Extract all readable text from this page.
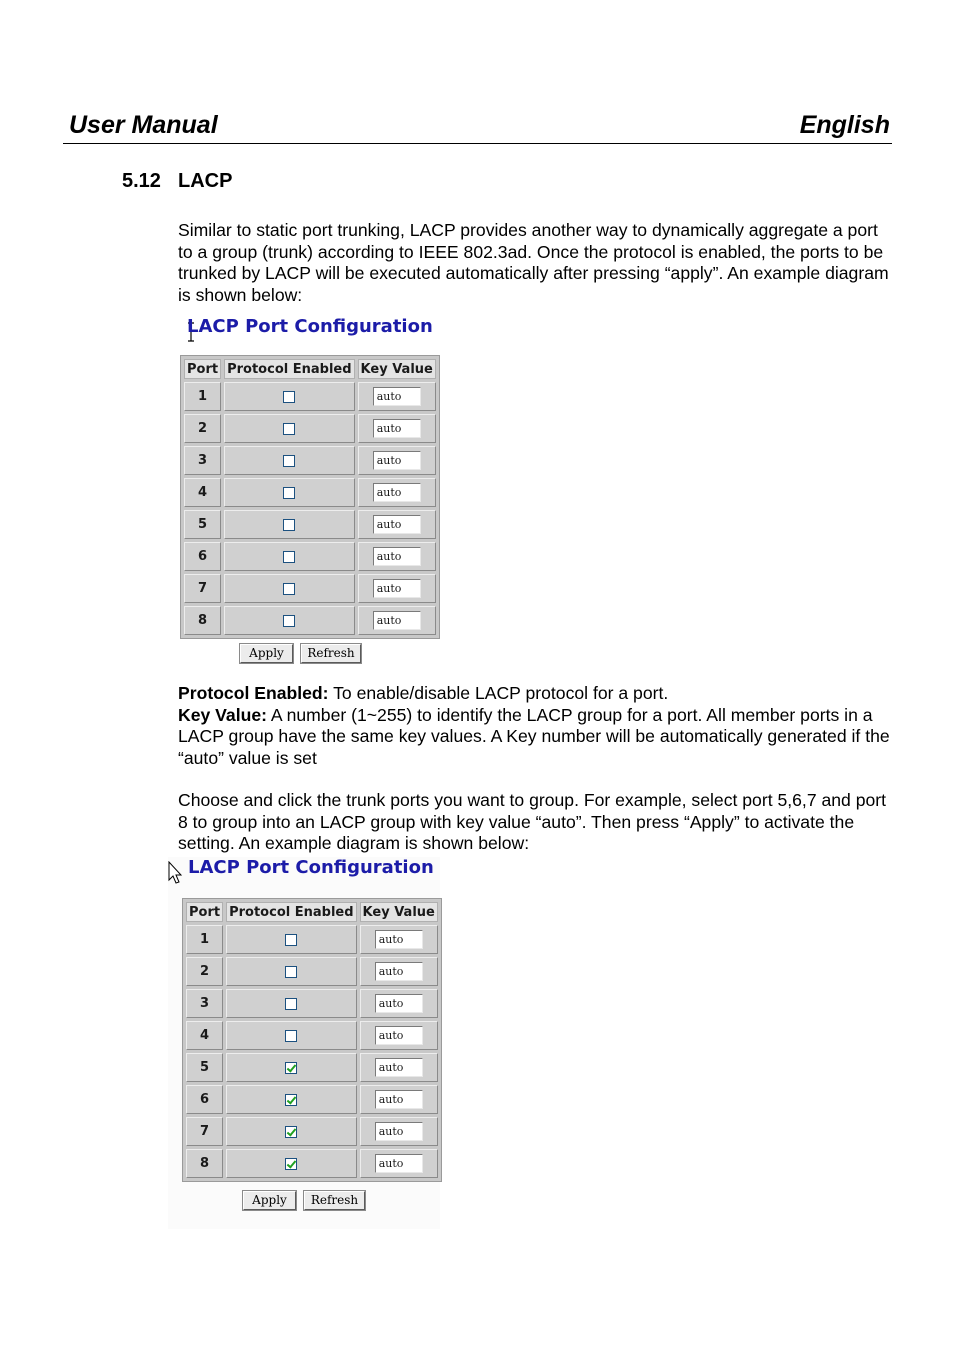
User Manual	English
5.12 LACP
Similar to static port trunking, LACP provides another way to dynamically aggregate a port to a group (trunk) according to IEEE 802.3ad. Once the protocol is enabled, the ports to be trunked by LACP will be executed automatically after pressing “apply”. An example diagram is shown below:
LACP Port Configuration
Port	Protocol Enabled	Key Value
1		auto
2		auto
3		auto
4		auto
5		auto
6		auto
7		auto
8		auto
Apply	Refresh
Protocol Enabled: To enable/disable LACP protocol for a port.
Key Value: A number (1~255) to identify the LACP group for a port. All member ports in a LACP group have the same key values. A Key number will be automatically generated if the “auto” value is set
Choose and click the trunk ports you want to group. For example, select port 5,6,7 and port 8 to group into an LACP group with key value “auto”. Then press “Apply” to activate the setting. An example diagram is shown below:
LACP Port Configuration
Port	Protocol Enabled	Key Value
1		auto
2		auto
3		auto
4		auto
5		auto
6		auto
7		auto
8		auto
Apply	Refresh
